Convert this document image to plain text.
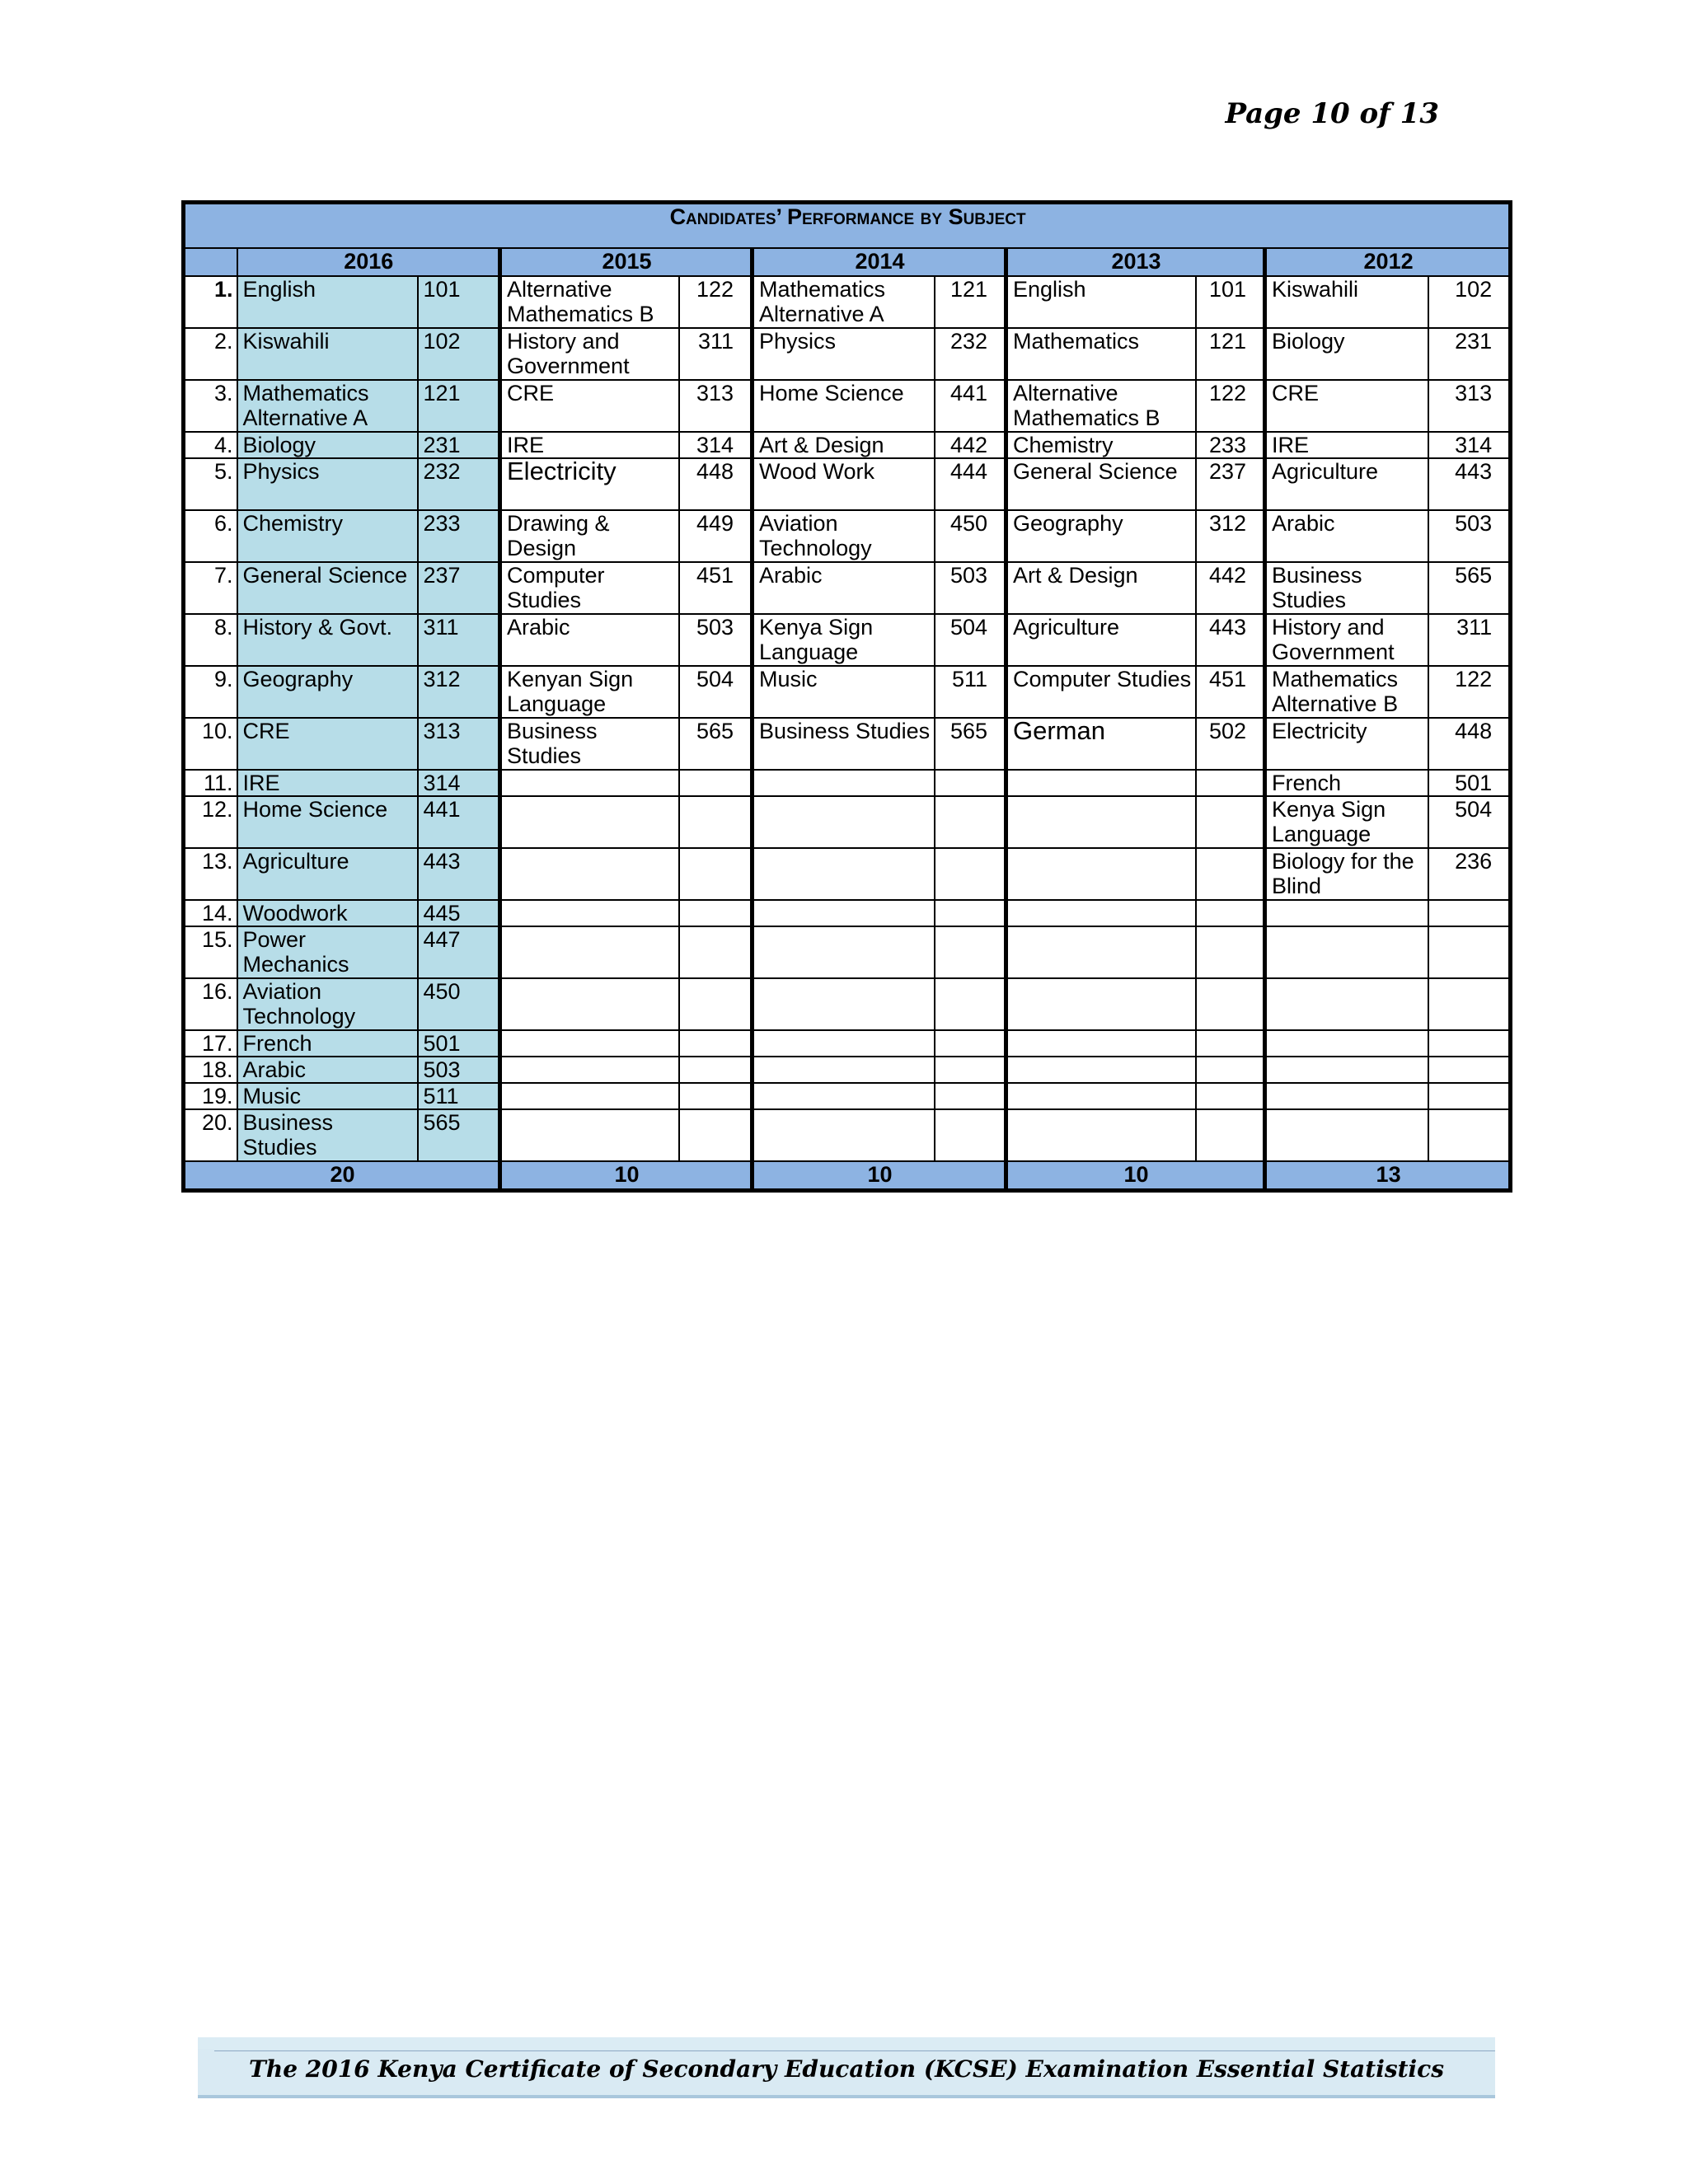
Page 10 of 13
Candidates’ Performance by Subject										
	2016		2015		2014		2013		2012	
1.	English	101	Alternative Mathematics B	122	Mathematics Alternative A	121	English	101	Kiswahili	102
2.	Kiswahili	102	History and Government	311	Physics	232	Mathematics	121	Biology	231
3.	Mathematics Alternative A	121	CRE	313	Home Science	441	Alternative Mathematics B	122	CRE	313
4.	Biology	231	IRE	314	Art & Design	442	Chemistry	233	IRE	314
5.	Physics	232	Electricity	448	Wood Work	444	General Science	237	Agriculture	443
6.	Chemistry	233	Drawing & Design	449	Aviation Technology	450	Geography	312	Arabic	503
7.	General Science	237	Computer Studies	451	Arabic	503	Art & Design	442	Business Studies	565
8.	History & Govt.	311	Arabic	503	Kenya Sign Language	504	Agriculture	443	History and Government	311
9.	Geography	312	Kenyan Sign Language	504	Music	511	Computer Studies	451	Mathematics Alternative B	122
10.	CRE	313	Business Studies	565	Business Studies	565	German	502	Electricity	448
11.	IRE	314							French	501
12.	Home Science	441							Kenya Sign Language	504
13.	Agriculture	443							Biology for the Blind	236
14.	Woodwork	445								
15.	Power Mechanics	447								
16.	Aviation Technology	450								
17.	French	501								
18.	Arabic	503								
19.	Music	511								
20.	Business Studies	565								
20			10		10		10		13	
The 2016 Kenya Certificate of Secondary Education (KCSE) Examination Essential Statistics
